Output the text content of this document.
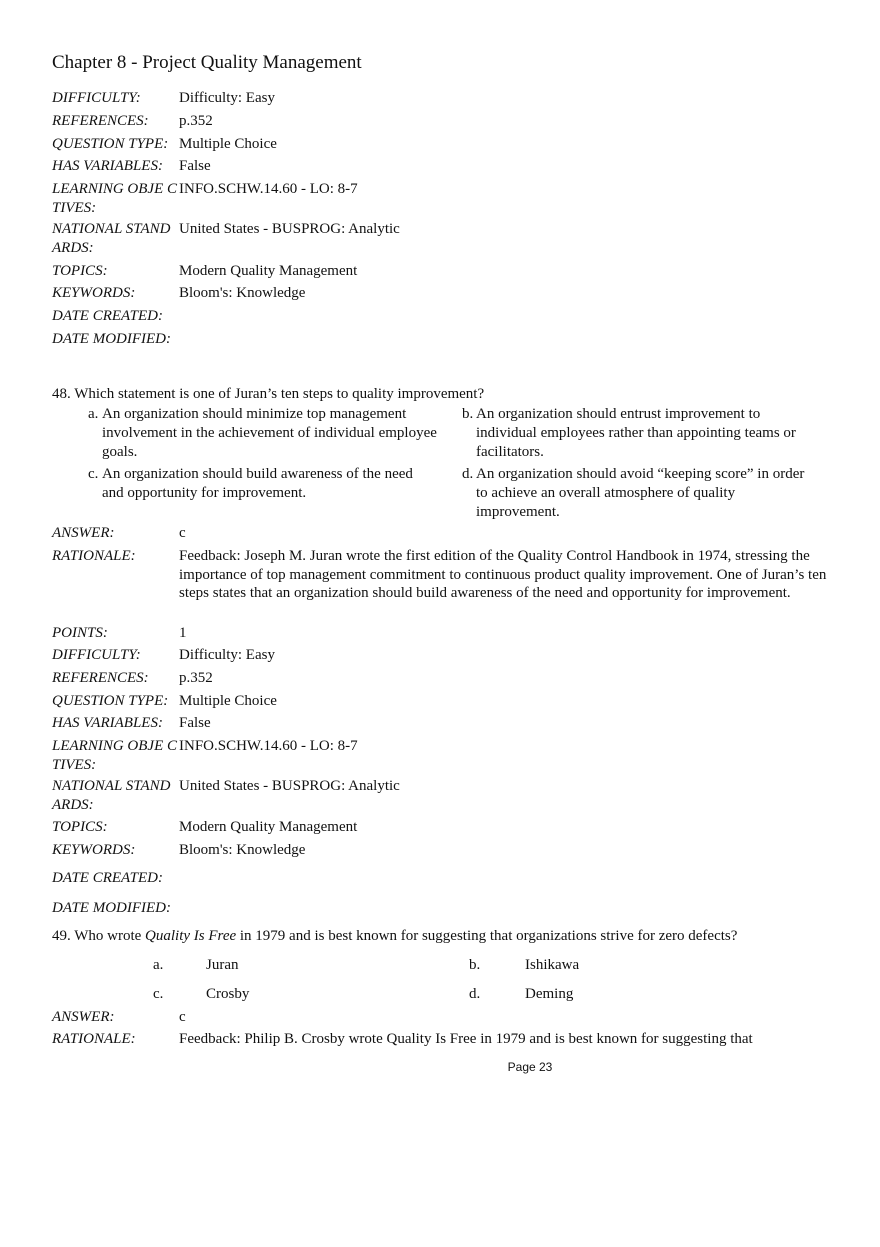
Chapter 8 - Project Quality Management
DIFFICULTY:	Difficulty: Easy
REFERENCES:	p.352
QUESTION TYPE: Multiple Choice
HAS VARIABLES:	False
LEARNING OBJE CTIVES:
INFO.SCHW.14.60 - LO: 8-7
NATIONAL STAND ARDS:
United States - BUSPROG: Analytic
TOPICS:	Modern Quality Management
KEYWORDS:	Bloom's: Knowledge
DATE CREATED:
DATE MODIFIED:
48. Which statement is one of Juran’s ten steps to quality improvement?
a. An organization should minimize top management involvement in the achievement of individual employee goals.
b. An organization should entrust improvement to individual employees rather than appointing teams or facilitators.
c. An organization should build awareness of the need and opportunity for improvement.
d. An organization should avoid “keeping score” in order to achieve an overall atmosphere of quality improvement.
ANSWER:	c
RATIONALE:	Feedback: Joseph M. Juran wrote the first edition of the Quality Control Handbook in 1974, stressing the importance of top management commitment to continuous product quality improvement. One of Juran’s ten steps states that an organization should build awareness of the need and opportunity for improvement.
POINTS:	1
DIFFICULTY:	Difficulty: Easy
REFERENCES:	p.352
QUESTION TYPE: Multiple Choice
HAS VARIABLES:	False
LEARNING OBJE CTIVES:
INFO.SCHW.14.60 - LO: 8-7
NATIONAL STAND ARDS:
United States - BUSPROG: Analytic
TOPICS:	Modern Quality Management
KEYWORDS:	Bloom's: Knowledge
DATE CREATED:
DATE MODIFIED:
49. Who wrote Quality Is Free in 1979 and is best known for suggesting that organizations strive for zero defects?
a.	Juran	b.	Ishikawa
c.	Crosby	d.	Deming
ANSWER:	c
RATIONALE:	Feedback: Philip B. Crosby wrote Quality Is Free in 1979 and is best known for suggesting that
Page 23
